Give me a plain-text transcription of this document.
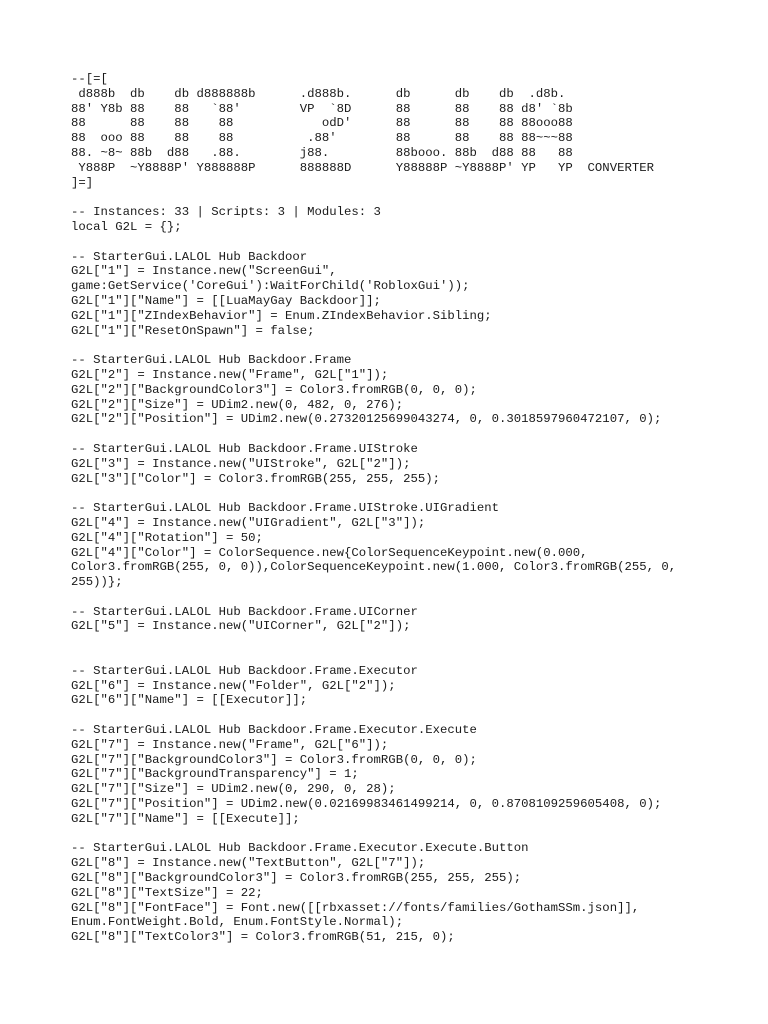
--[=[
d888b  db    db d888888b      .d888b.      db      db    db  .d8b.
88' Y8b 88    88   `88'        VP  `8D      88      88    88 d8' `8b
88      88    88    88            odD'      88      88    88 88ooo88
88  ooo 88    88    88          .88'        88      88    88 88~~~88
88. ~8~ 88b  d88   .88.        j88.         88booo. 88b  d88 88   88
Y888P  ~Y8888P' Y888888P      888888D      Y88888P ~Y8888P' YP   YP  CONVERTER
]=]
-- Instances: 33 | Scripts: 3 | Modules: 3
local G2L = {};
-- StarterGui.LALOL Hub Backdoor
G2L["1"] = Instance.new("ScreenGui",
game:GetService('CoreGui'):WaitForChild('RobloxGui'));
G2L["1"]["Name"] = [[LuaMayGay Backdoor]];
G2L["1"]["ZIndexBehavior"] = Enum.ZIndexBehavior.Sibling;
G2L["1"]["ResetOnSpawn"] = false;
-- StarterGui.LALOL Hub Backdoor.Frame
G2L["2"] = Instance.new("Frame", G2L["1"]);
G2L["2"]["BackgroundColor3"] = Color3.fromRGB(0, 0, 0);
G2L["2"]["Size"] = UDim2.new(0, 482, 0, 276);
G2L["2"]["Position"] = UDim2.new(0.27320125699043274, 0, 0.3018597960472107, 0);
-- StarterGui.LALOL Hub Backdoor.Frame.UIStroke
G2L["3"] = Instance.new("UIStroke", G2L["2"]);
G2L["3"]["Color"] = Color3.fromRGB(255, 255, 255);
-- StarterGui.LALOL Hub Backdoor.Frame.UIStroke.UIGradient
G2L["4"] = Instance.new("UIGradient", G2L["3"]);
G2L["4"]["Rotation"] = 50;
G2L["4"]["Color"] = ColorSequence.new{ColorSequenceKeypoint.new(0.000,
Color3.fromRGB(255, 0, 0)),ColorSequenceKeypoint.new(1.000, Color3.fromRGB(255, 0,
255))};
-- StarterGui.LALOL Hub Backdoor.Frame.UICorner
G2L["5"] = Instance.new("UICorner", G2L["2"]);
-- StarterGui.LALOL Hub Backdoor.Frame.Executor
G2L["6"] = Instance.new("Folder", G2L["2"]);
G2L["6"]["Name"] = [[Executor]];
-- StarterGui.LALOL Hub Backdoor.Frame.Executor.Execute
G2L["7"] = Instance.new("Frame", G2L["6"]);
G2L["7"]["BackgroundColor3"] = Color3.fromRGB(0, 0, 0);
G2L["7"]["BackgroundTransparency"] = 1;
G2L["7"]["Size"] = UDim2.new(0, 290, 0, 28);
G2L["7"]["Position"] = UDim2.new(0.02169983461499214, 0, 0.8708109259605408, 0);
G2L["7"]["Name"] = [[Execute]];
-- StarterGui.LALOL Hub Backdoor.Frame.Executor.Execute.Button
G2L["8"] = Instance.new("TextButton", G2L["7"]);
G2L["8"]["BackgroundColor3"] = Color3.fromRGB(255, 255, 255);
G2L["8"]["TextSize"] = 22;
G2L["8"]["FontFace"] = Font.new([[rbxasset://fonts/families/GothamSSm.json]],
Enum.FontWeight.Bold, Enum.FontStyle.Normal);
G2L["8"]["TextColor3"] = Color3.fromRGB(51, 215, 0);
